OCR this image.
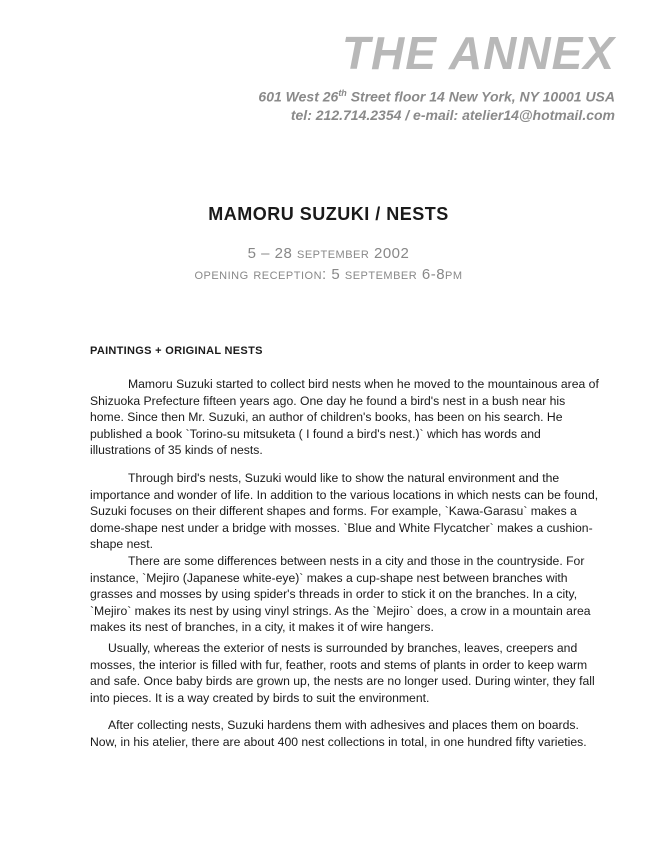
THE ANNEX
601 West 26th Street floor 14 New York, NY 10001 USA
tel: 212.714.2354 / e-mail: atelier14@hotmail.com
MAMORU SUZUKI / NESTS
5 – 28 september 2002
opening reception: 5 september 6-8pm
PAINTINGS + ORIGINAL NESTS

Mamoru Suzuki started to collect bird nests when he moved to the mountainous area of Shizuoka Prefecture fifteen years ago. One day he found a bird's nest in a bush near his home. Since then Mr. Suzuki, an author of children's books, has been on his search. He published a book `Torino-su mitsuketa ( I found a bird's nest.)` which has words and illustrations of 35 kinds of nests.

Through bird's nests, Suzuki would like to show the natural environment and the importance and wonder of life. In addition to the various locations in which nests can be found, Suzuki focuses on their different shapes and forms. For example, `Kawa-Garasu` makes a dome-shape nest under a bridge with mosses. `Blue and White Flycatcher` makes a cushion-shape nest.

There are some differences between nests in a city and those in the countryside. For instance, `Mejiro (Japanese white-eye)` makes a cup-shape nest between branches with grasses and mosses by using spider's threads in order to stick it on the branches. In a city, `Mejiro` makes its nest by using vinyl strings. As the `Mejiro` does, a crow in a mountain area makes its nest of branches, in a city, it makes it of wire hangers.

Usually, whereas the exterior of nests is surrounded by branches, leaves, creepers and mosses, the interior is filled with fur, feather, roots and stems of plants in order to keep warm and safe. Once baby birds are grown up, the nests are no longer used. During winter, they fall into pieces. It is a way created by birds to suit the environment.

After collecting nests, Suzuki hardens them with adhesives and places them on boards. Now, in his atelier, there are about 400 nest collections in total, in one hundred fifty varieties.
